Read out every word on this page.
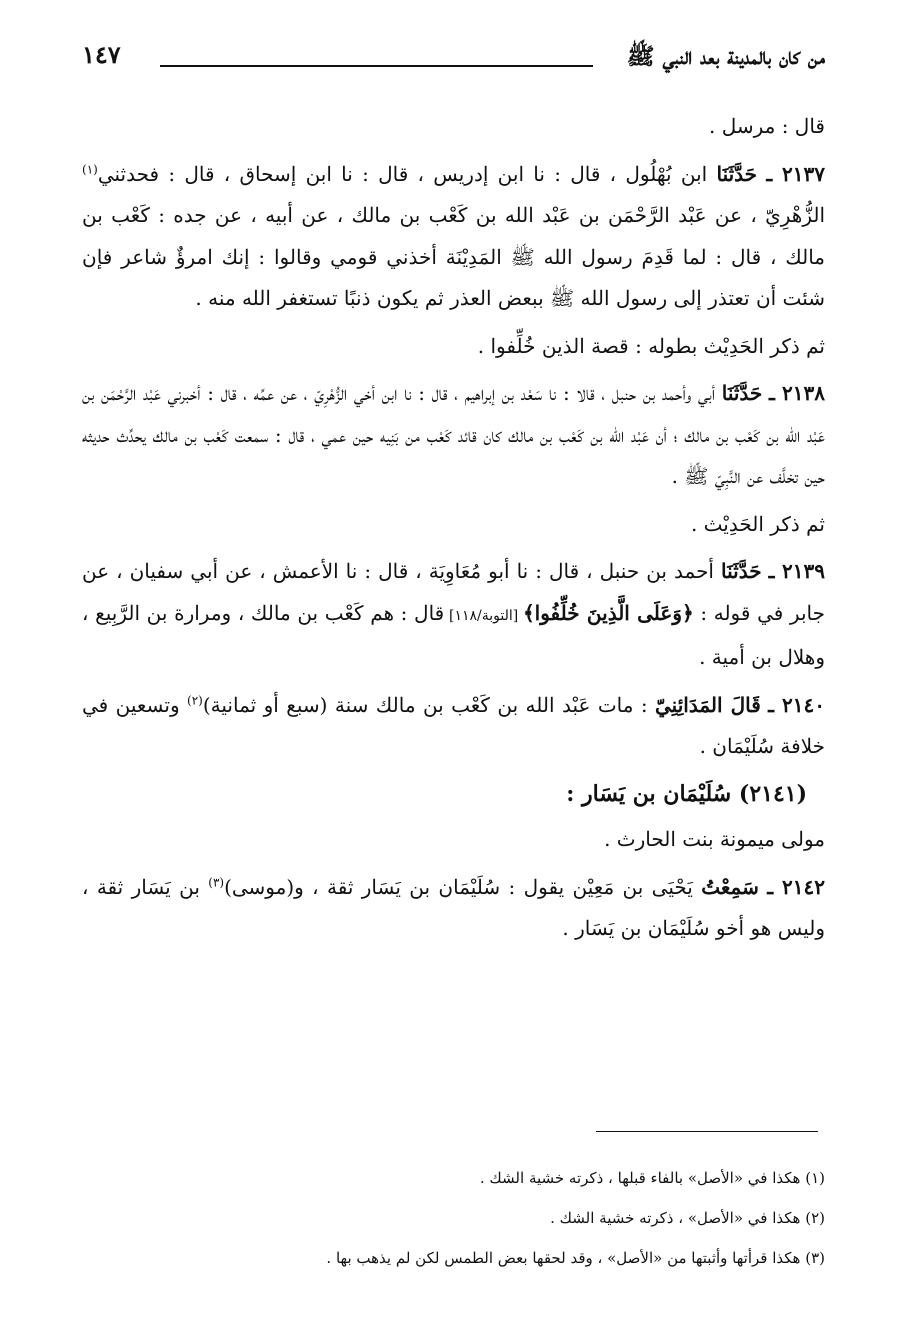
من كان بالمدينة بعد النبي ﷺ
١٤٧

قال : مرسل .

٢١٣٧ ـ حَدَّثَنَا ابن بُهْلُول ، قال : نا ابن إدريس ، قال : نا ابن إسحاق ، قال : فحدثني$^{(١)}$ الزُّهْرِيّ ، عن عَبْد الرَّحْمَن بن عَبْد الله بن كَعْب بن مالك ، عن أبيه ، عن جده : كَعْب بن مالك ، قال : لما قَدِمَ رسول الله ﷺ المَدِيْنَة أخذني قومي وقالوا : إنك امرؤٌ شاعر فإن شئت أن تعتذر إلى رسول الله ﷺ ببعض العذر ثم يكون ذنبًا تستغفر الله منه .

ثم ذكر الحَدِيْث بطوله : قصة الذين خُلِّفوا .

٢١٣٨ ـ حَدَّثَنَا أبي وأحمد بن حنبل ، قالا : نا سَعْد بن إبراهيم ، قال : نا ابن أخي الزُّهْرِيّ ، عن عمِّه ، قال : أخبرني عَبْد الرَّحْمَن بن عَبْد الله بن كَعْب بن مالك ؛ أن عَبْد الله بن كَعْب بن مالك كان قائد كَعْب من بَنِيه حين عمي ، قال : سمعت كَعْب بن مالك يحدِّث حديثه حين تخلَّف عن النَّبِيّ ﷺ .

ثم ذكر الحَدِيْث .

٢١٣٩ ـ حَدَّثَنَا أحمد بن حنبل ، قال : نا أبو مُعَاوِيَة ، قال : نا الأعمش ، عن أبي سفيان ، عن جابر في قوله : ﴿وَعَلَى الَّذِينَ خُلِّفُوا﴾ [التوبة/١١٨] قال : هم كَعْب بن مالك ، ومرارة بن الرَّبِيع ، وهلال بن أمية .

٢١٤٠ ـ قَالَ المَدَائِنِيّ : مات عَبْد الله بن كَعْب بن مالك سنة (سبع أو ثمانية)$^{(٢)}$ وتسعين في خلافة سُلَيْمَان .

(٢١٤١) سُلَيْمَان بن يَسَار :

مولى ميمونة بنت الحارث .

٢١٤٢ ـ سَمِعْتُ يَحْيَى بن مَعِيْن يقول : سُلَيْمَان بن يَسَار ثقة ، و(موسى)$^{(٣)}$ بن يَسَار ثقة ، وليس هو أخو سُلَيْمَان بن يَسَار .

(١) هكذا في «الأصل» بالفاء قبلها ، ذكرته خشية الشك .

(٢) هكذا في «الأصل» ، ذكرته خشية الشك .

(٣) هكذا قرأتها وأثبتها من «الأصل» ، وقد لحقها بعض الطمس لكن لم يذهب بها .
